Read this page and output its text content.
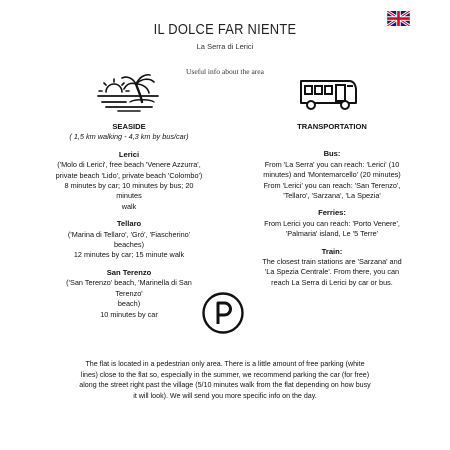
IL DOLCE FAR NIENTE
La Serra di Lerici
Useful info about the area
SEASIDE
( 1,5 km walking - 4,3 km by bus/car)
Lerici
('Molo di Lerici', free beach 'Venere Azzurra',
private beach 'Lido', private beach 'Colombo')
8 minutes by car; 10 minutes by bus; 20 minutes
walk
Tellaro
('Marina di Tellaro', 'Gró', 'Fiascherino' beaches)
12 minutes by car; 15 minute walk
San Terenzo
('San Terenzo' beach, 'Marinella di San Terenzo'
beach)
10 minutes by car
TRANSPORTATION
Bus:
From 'La Serra' you can reach: 'Lerici' (10
minutes) and 'Montemarcello' (20 minutes)
From 'Lerici' you can reach: 'San Terenzo',
'Tellaro', 'Sarzana', 'La Spezia'
Ferries:
From Lerici you can reach: 'Porto Venere',
'Palmaria' island, Le '5 Terre'
Train:
The closest train stations are 'Sarzana' and
'La Spezia Centrale'. From there, you can
reach La Serra di Lerici by car or bus.
The flat is located in a pedestrian only area. There is a little amount of free parking (white
lines) close to the flat so, especially in the summer, we recommend parking the car (for free)
along the street right past the village (5/10 minutes walk from the flat depending on how busy
it will look). We will send you more specific info on the day.
